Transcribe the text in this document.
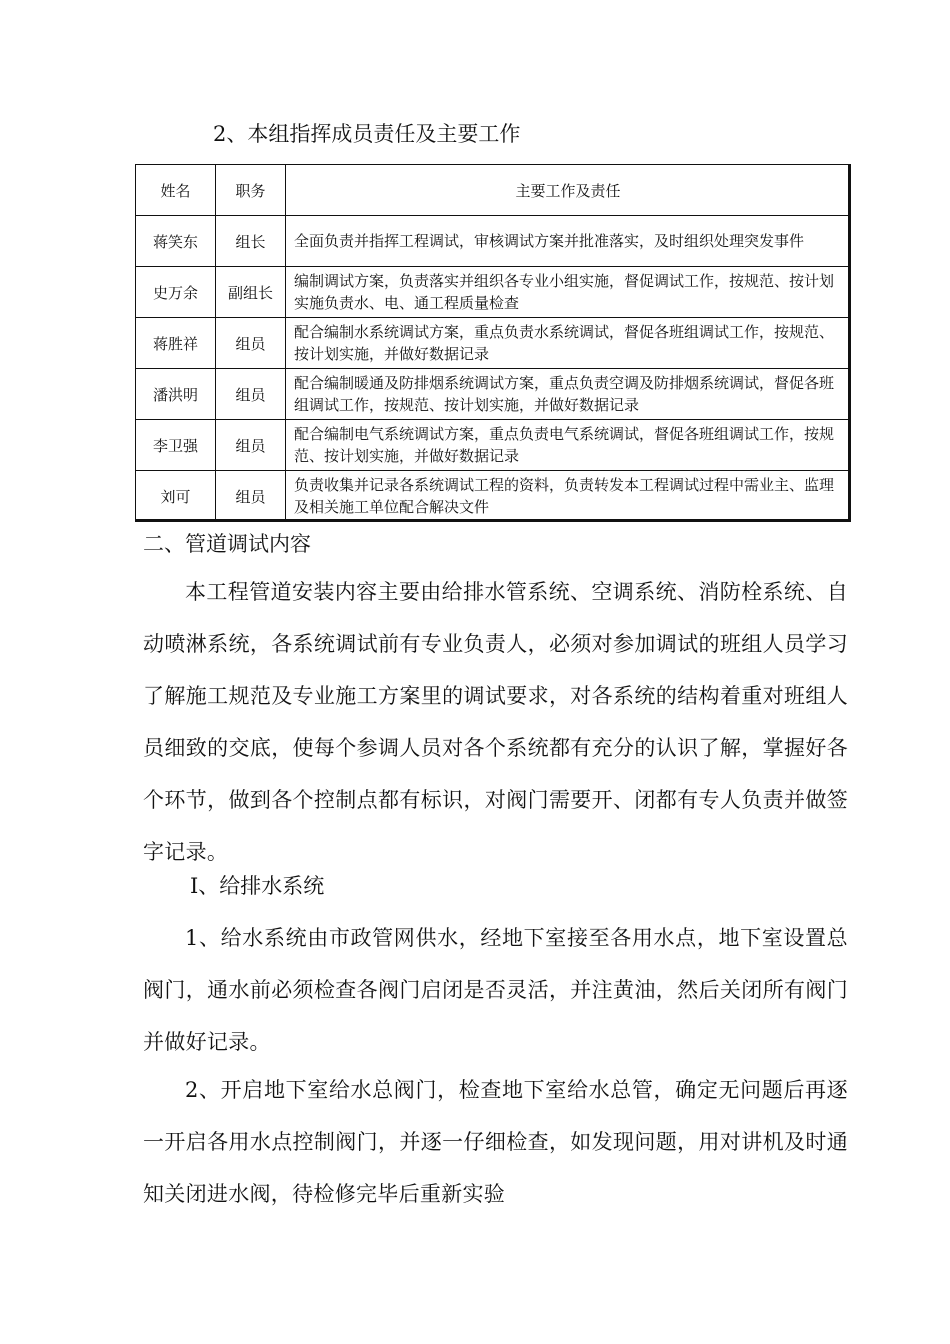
2、本组指挥成员责任及主要工作
姓名	职务	主要工作及责任
蒋笑东	组长	全面负责并指挥工程调试，审核调试方案并批准落实，及时组织处理突发事件
史万余	副组长	编制调试方案，负责落实并组织各专业小组实施，督促调试工作，按规范、按计划实施负责水、电、通工程质量检查
蒋胜祥	组员	配合编制水系统调试方案，重点负责水系统调试，督促各班组调试工作，按规范、按计划实施，并做好数据记录
潘洪明	组员	配合编制暖通及防排烟系统调试方案，重点负责空调及防排烟系统调试，督促各班组调试工作，按规范、按计划实施，并做好数据记录
李卫强	组员	配合编制电气系统调试方案，重点负责电气系统调试，督促各班组调试工作，按规范、按计划实施，并做好数据记录
刘可	组员	负责收集并记录各系统调试工程的资料，负责转发本工程调试过程中需业主、监理及相关施工单位配合解决文件
二、管道调试内容
本工程管道安装内容主要由给排水管系统、空调系统、消防栓系统、自动喷淋系统，各系统调试前有专业负责人，必须对参加调试的班组人员学习了解施工规范及专业施工方案里的调试要求，对各系统的结构着重对班组人员细致的交底，使每个参调人员对各个系统都有充分的认识了解，掌握好各个环节，做到各个控制点都有标识，对阀门需要开、闭都有专人负责并做签字记录。
Ⅰ、给排水系统
1、给水系统由市政管网供水，经地下室接至各用水点，地下室设置总阀门，通水前必须检查各阀门启闭是否灵活，并注黄油，然后关闭所有阀门并做好记录。
2、开启地下室给水总阀门，检查地下室给水总管，确定无问题后再逐一开启各用水点控制阀门，并逐一仔细检查，如发现问题，用对讲机及时通知关闭进水阀，待检修完毕后重新实验
